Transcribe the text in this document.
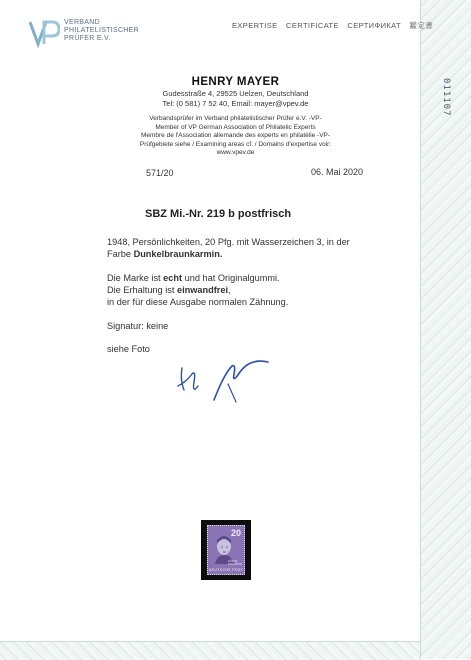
011107
VERBAND
PHILATELISTISCHER
PRÜFER E.V.
EXPERTISE CERTIFICATE СЕРТИФИКАТ 鑑定書
HENRY MAYER
Gudesstraße 4, 29525 Uelzen, Deutschland
Tel: (0 581) 7 52 40, Email: mayer@vpev.de
Verbandsprüfer im Verband philatelistischer Prüfer e.V. -VP-
Member of VP German Association of Philatelic Experts
Membre de l'Association allemande des experts en philatélie -VP-
Prüfgebiete siehe / Examining areas cf. / Domains d'expertise voir:
www.vpev.de
571/20	06. Mai 2020
SBZ Mi.-Nr. 219 b postfrisch
1948, Persönlichkeiten, 20 Pfg. mit Wasserzeichen 3, in der
Farbe Dunkelbraunkarmin.
Die Marke ist echt und hat Originalgummi.
Die Erhaltung ist einwandfrei,
in der für diese Ausgabe normalen Zähnung.
Signatur: keine
siehe Foto
20
KÄTHE KOLLWITZ
DEUTSCHE POST
